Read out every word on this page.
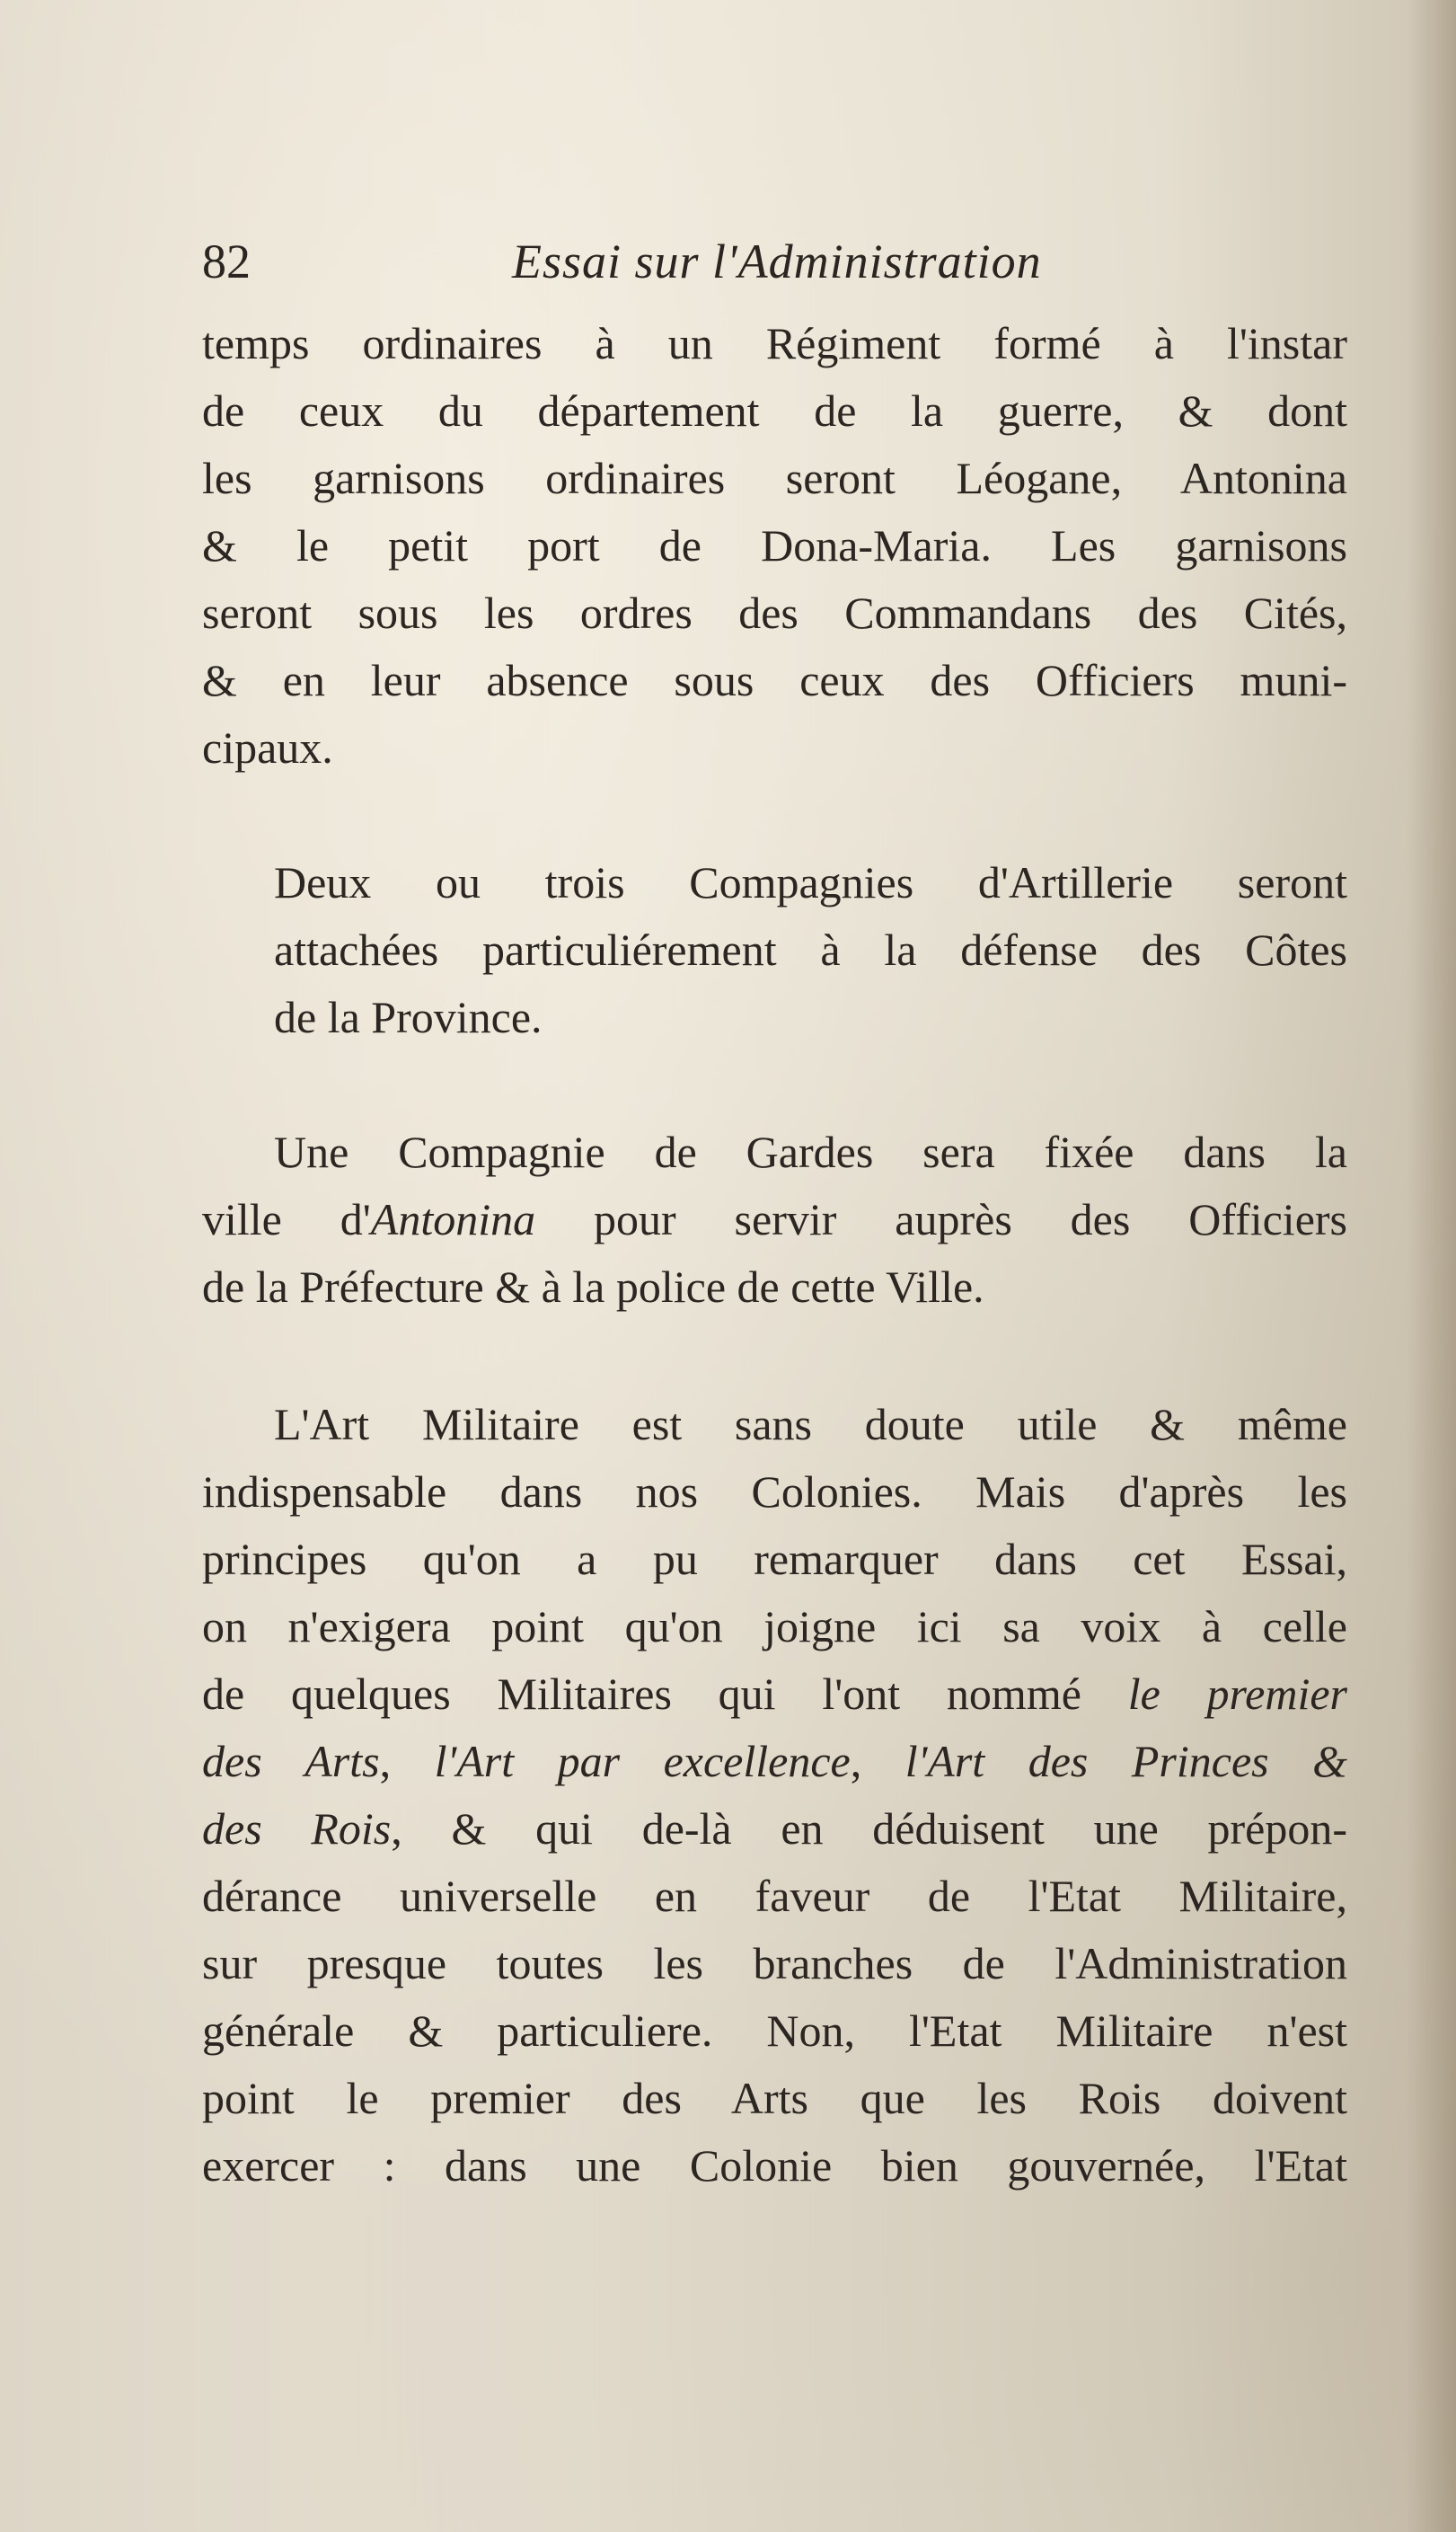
82	Essai sur l'Administration

temps ordinaires à un Régiment formé à l'instar
de ceux du département de la guerre, & dont
les garnisons ordinaires seront Léogane, Antonina
& le petit port de Dona-Maria. Les garnisons
seront sous les ordres des Commandans des Cités,
& en leur absence sous ceux des Officiers muni-
cipaux.

Deux ou trois Compagnies d'Artillerie seront
attachées particuliérement à la défense des Côtes
de la Province.

Une Compagnie de Gardes sera fixée dans la
ville d'Antonina pour servir auprès des Officiers
de la Préfecture & à la police de cette Ville.

L'Art Militaire est sans doute utile & même
indispensable dans nos Colonies. Mais d'après les
principes qu'on a pu remarquer dans cet Essai,
on n'exigera point qu'on joigne ici sa voix à celle
de quelques Militaires qui l'ont nommé le premier
des Arts, l'Art par excellence, l'Art des Princes &
des Rois, & qui de-là en déduisent une prépon-
dérance universelle en faveur de l'Etat Militaire,
sur presque toutes les branches de l'Administration
générale & particuliere. Non, l'Etat Militaire n'est
point le premier des Arts que les Rois doivent
exercer : dans une Colonie bien gouvernée, l'Etat
